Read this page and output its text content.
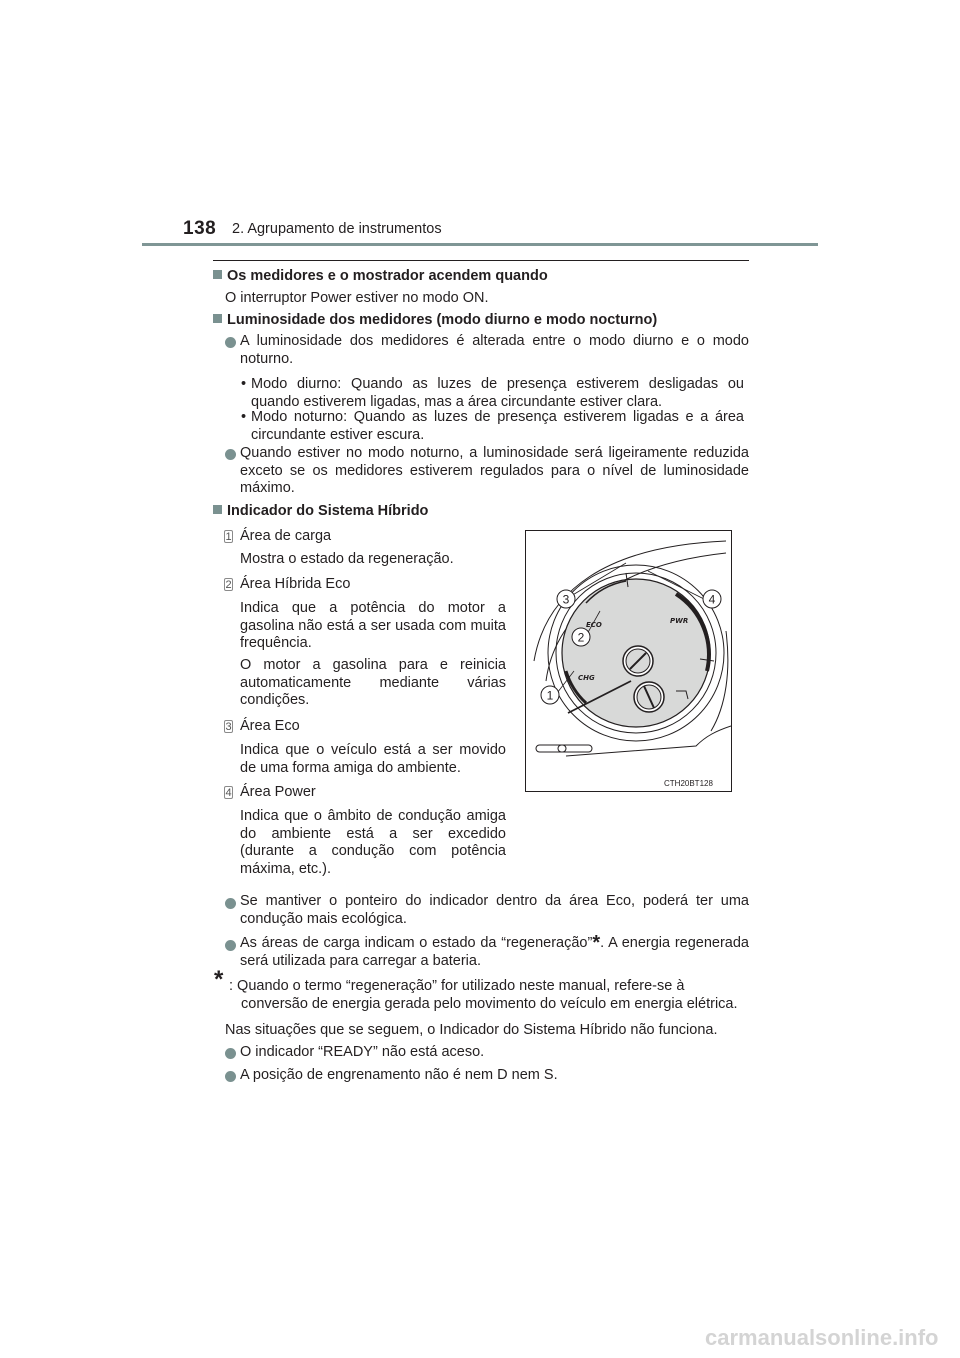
138 2. Agrupamento de instrumentos
Os medidores e o mostrador acendem quando
O interruptor Power estiver no modo ON.
Luminosidade dos medidores (modo diurno e modo nocturno)
A luminosidade dos medidores é alterada entre o modo diurno e o modo noturno.
• Modo diurno: Quando as luzes de presença estiverem desligadas ou quando estiverem ligadas, mas a área circundante estiver clara.
• Modo noturno: Quando as luzes de presença estiverem ligadas e a área circundante estiver escura.
Quando estiver no modo noturno, a luminosidade será ligeiramente reduzida exceto se os medidores estiverem regulados para o nível de luminosidade máximo.
Indicador do Sistema Híbrido
1 Área de carga
Mostra o estado da regeneração.
2 Área Híbrida Eco
Indica que a potência do motor a gasolina não está a ser usada com muita frequência.
O motor a gasolina para e reinicia automaticamente mediante várias condições.
3 Área Eco
Indica que o veículo está a ser movido de uma forma amiga do ambiente.
4 Área Power
Indica que o âmbito de condução amiga do ambiente está a ser excedido (durante a condução com potência máxima, etc.).
ECO	PWR
CHG
3	4
2
1
CTH20BT128
Se mantiver o ponteiro do indicador dentro da área Eco, poderá ter uma condução mais ecológica.
As áreas de carga indicam o estado da “regeneração”*. A energia regenerada será utilizada para carregar a bateria.
* : Quando o termo “regeneração” for utilizado neste manual, refere-se à conversão de energia gerada pelo movimento do veículo em energia elétrica.
Nas situações que se seguem, o Indicador do Sistema Híbrido não funciona.
O indicador “READY” não está aceso.
A posição de engrenamento não é nem D nem S.
carmanualsonline.info
